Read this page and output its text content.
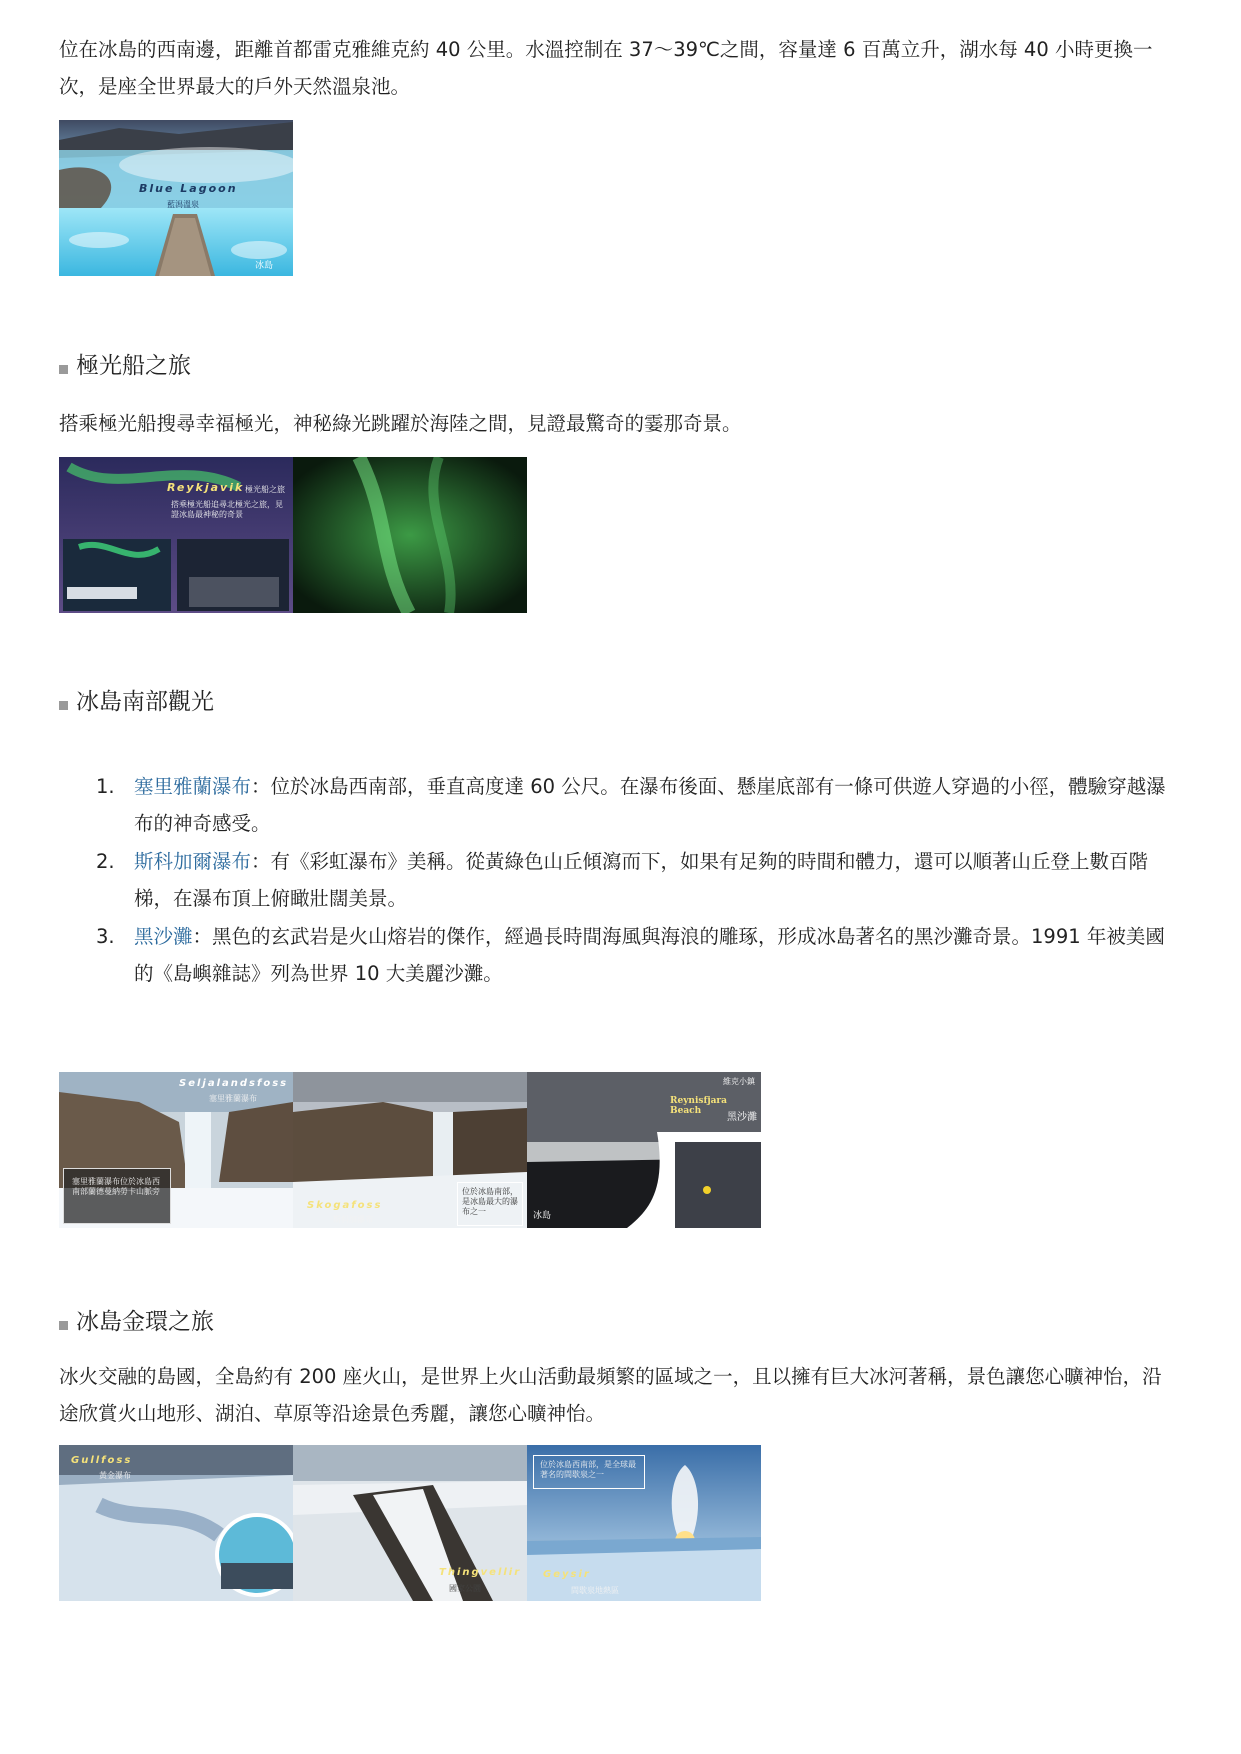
位在冰島的西南邊，距離首都雷克雅維克約 40 公里。水溫控制在 37～39℃之間，容量達 6 百萬立升，湖水每 40 小時更換一次，是座全世界最大的戶外天然溫泉池。

Blue Lagoon
藍潟溫泉
冰島
極光船之旅

搭乘極光船搜尋幸福極光，神秘綠光跳躍於海陸之間，見證最驚奇的霎那奇景。

Reykjavik 極光船之旅
搭乘極光船追尋北極光之旅，見證冰島最神秘的奇景
冰島南部觀光
1. 塞里雅蘭瀑布：位於冰島西南部，垂直高度達 60 公尺。在瀑布後面、懸崖底部有一條可供遊人穿過的小徑，體驗穿越瀑布的神奇感受。
2. 斯科加爾瀑布：有《彩虹瀑布》美稱。從黃綠色山丘傾瀉而下，如果有足夠的時間和體力，還可以順著山丘登上數百階梯，在瀑布頂上俯瞰壯闊美景。
3. 黑沙灘：黑色的玄武岩是火山熔岩的傑作，經過長時間海風與海浪的雕琢，形成冰島著名的黑沙灘奇景。1991 年被美國的《島嶼雜誌》列為世界 10 大美麗沙灘。
Seljalandsfoss
塞里雅蘭瀑布
塞里雅蘭瀑布位於冰島西南部蘭德曼納勞卡山脈旁
Skogafoss
斯科加瀑布
位於冰島南部，是冰島最大的瀑布之一
維克小鎮
Reynisfjara Beach
黑沙灘
冰島
冰島金環之旅

冰火交融的島國，全島約有 200 座火山，是世界上火山活動最頻繁的區域之一，且以擁有巨大冰河著稱，景色讓您心曠神怡，沿途欣賞火山地形、湖泊、草原等沿途景色秀麗，讓您心曠神怡。

Gullfoss
黃金瀑布
Thingvellir
國家公園
位於冰島西南部，是全球最著名的間歇泉之一
Geysir
間歇泉地熱區
